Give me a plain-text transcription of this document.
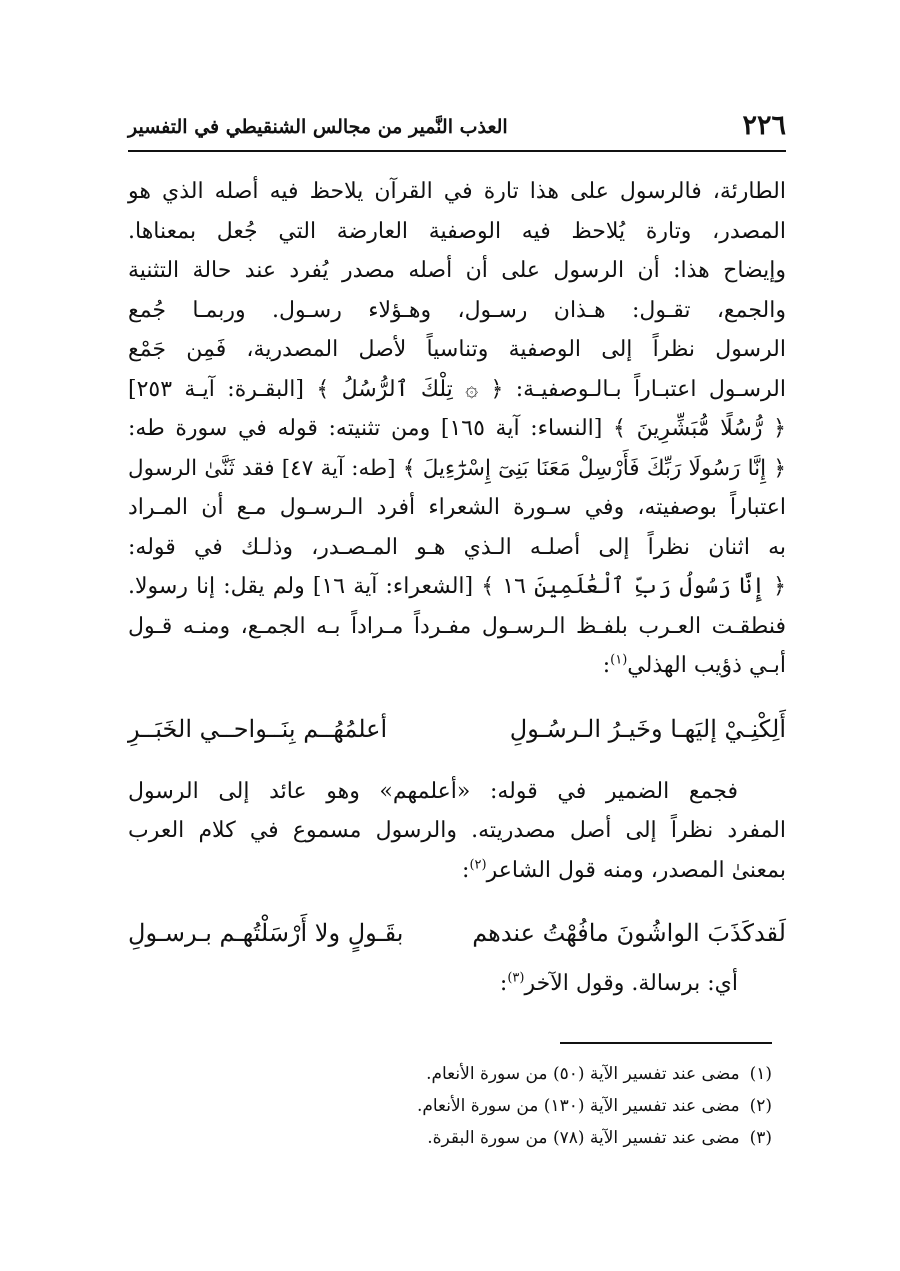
٢٢٦
العذب النَّمير من مجالس الشنقيطي في التفسير
الطارئة، فالرسول على هذا تارة في القرآن يلاحظ فيه أصله الذي هو
المصدر، وتارة يُلاحظ فيه الوصفية العارضة التي جُعل بمعناها.
وإيضاح هذا: أن الرسول على أن أصله مصدر يُفرد عند حالة التثنية
والجمع، تقـول: هـذان رسـول، وهـؤلاء رسـول. وربمـا جُمع
الرسول نظراً إلى الوصفية وتناسياً لأصل المصدرية، فَمِن جَمْع
الرسـول اعتبـاراً بـالـوصفيـة: ﴿ ۞ تِلْكَ ٱلرُّسُلُ ﴾ [البقـرة: آيـة ٢٥٣]
﴿ رُّسُلًا مُّبَشِّرِينَ ﴾ [النساء: آية ١٦٥] ومن تثنيته: قوله في سورة طه:
﴿ إِنَّا رَسُولَا رَبِّكَ فَأَرْسِلْ مَعَنَا بَنِىٓ إِسْرَٰٓءِيلَ ﴾ [طه: آية ٤٧] فقد ثَنَّىٰ الرسول
اعتباراً بوصفيته، وفي سـورة الشعراء أفرد الـرسـول مـع أن المـراد
به اثنان نظراً إلى أصلـه الـذي هـو المـصـدر، وذلـك في قوله:
﴿ إِنَّا رَسُولُ رَبِّ ٱلْعَٰلَمِينَ ١٦ ﴾ [الشعراء: آية ١٦] ولم يقل: إنا رسولا.
فنطقـت العـرب بلفـظ الـرسـول مفـرداً مـراداً بـه الجمـع، ومنـه قـول
أبـي ذؤيب الهذلي$^{(١)}$:
أَلِكْنِـيْ إليَهـا وخَيـرُ الـرسُـولِ
أعلمُهُــم بِنَــواحــي الخَبَــرِ
فجمع الضمير في قوله: «أعلمهم» وهو عائد إلى الرسول
المفرد نظراً إلى أصل مصدريته. والرسول مسموع في كلام العرب
بمعنىٰ المصدر، ومنه قول الشاعر$^{(٢)}$:
لَقدكَذَبَ الواشُونَ مافُهْتُ عندهم
بقَـولٍ ولا أَرْسَلْتُهـم بـرسـولِ
أي: برسالة. وقول الآخر$^{(٣)}$:
(١)مضى عند تفسير الآية (٥٠) من سورة الأنعام.
(٢)مضى عند تفسير الآية (١٣٠) من سورة الأنعام.
(٣)مضى عند تفسير الآية (٧٨) من سورة البقرة.
